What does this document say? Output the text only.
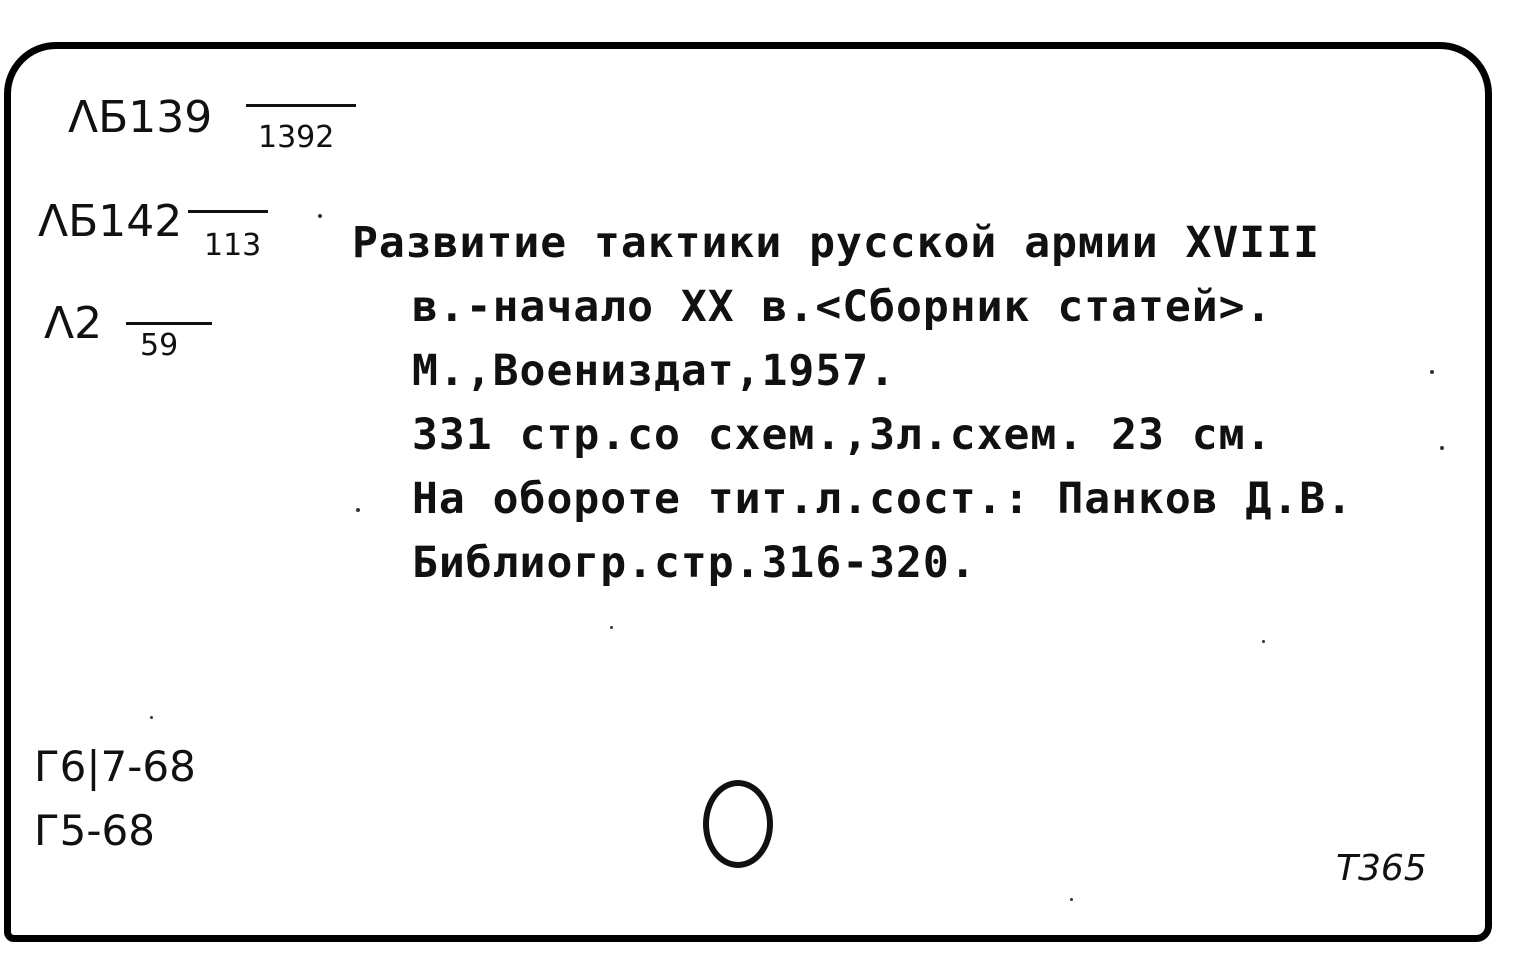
ΛБ139 1392
ΛБ142 113
Λ2 59
Развитие тактики русской армии XVIII
в.-начало XX в.<Сборник статей>.
М.,Воениздат,1957.
331 стр.со схем.,3л.схем. 23 см.
На обороте тит.л.сост.: Панков Д.В.
Библиогр.стр.316-320.
Г6|7-68
Г5-68
Т365
